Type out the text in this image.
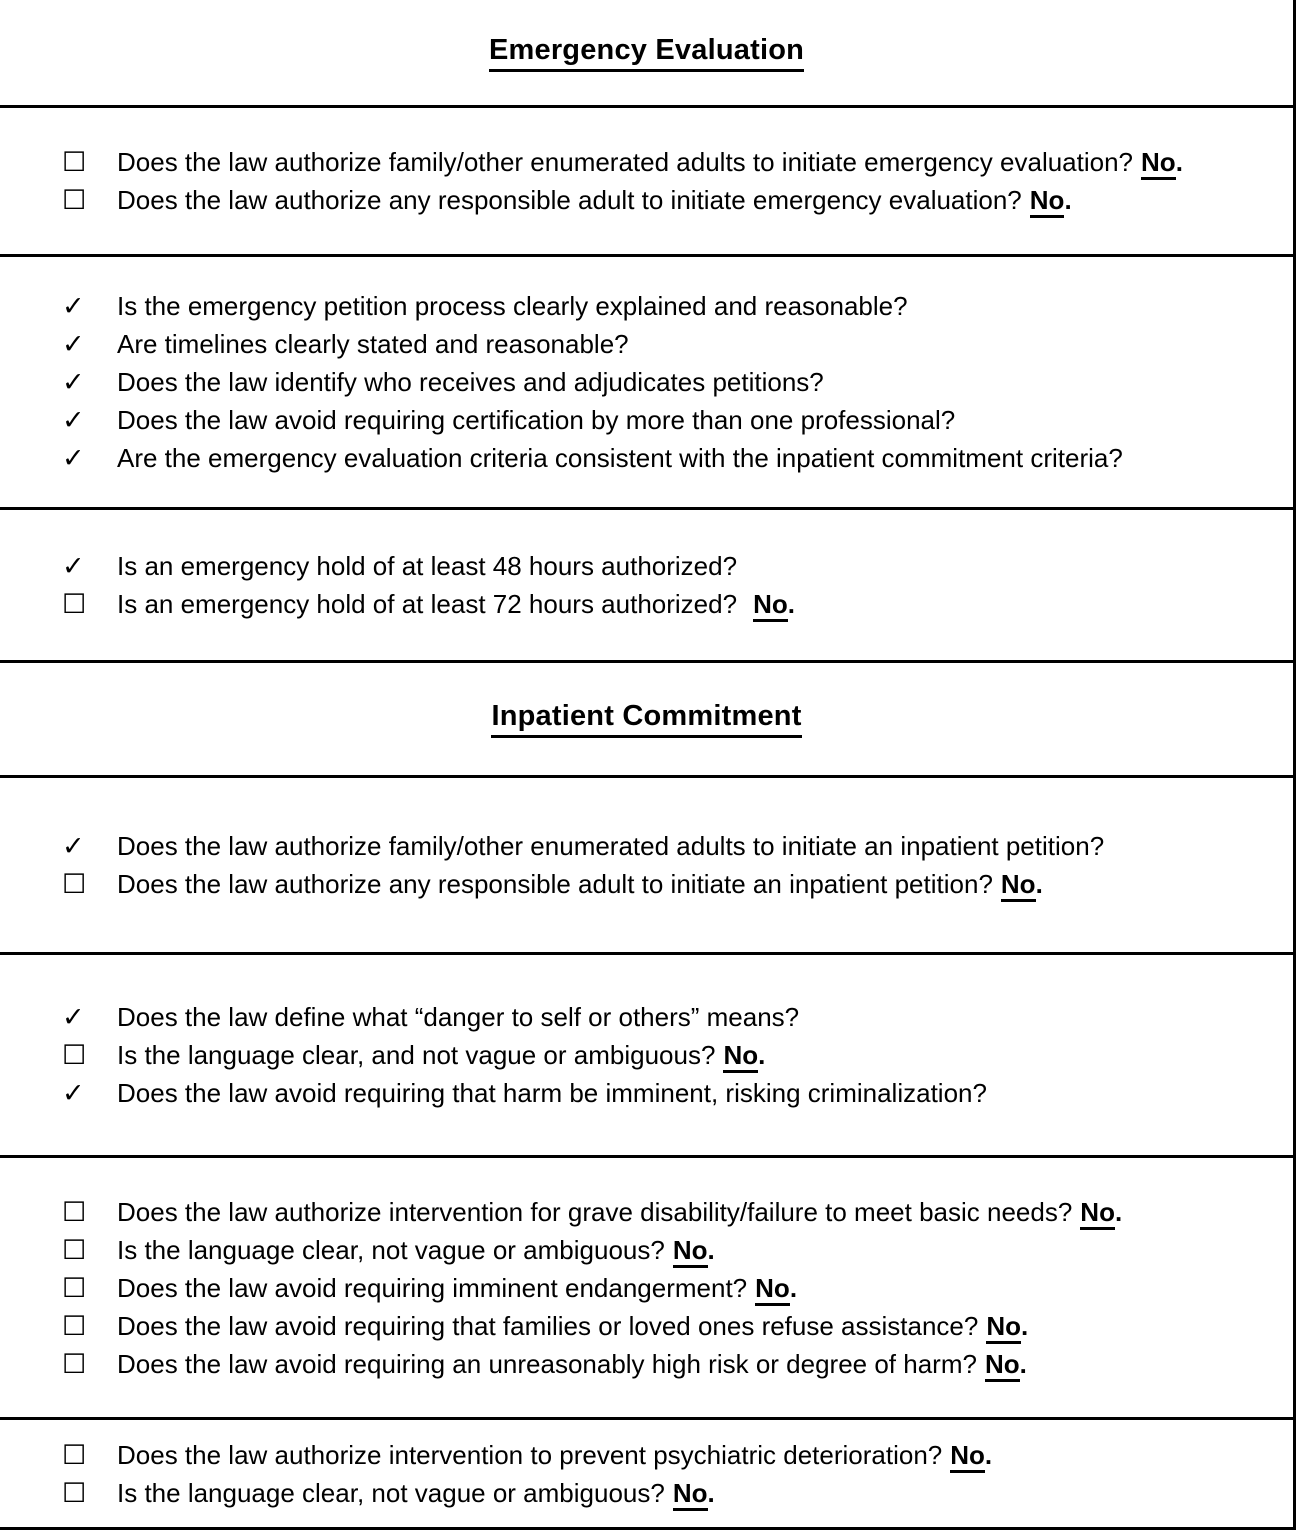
Emergency Evaluation
☐ Does the law authorize family/other enumerated adults to initiate emergency evaluation? No.
☐ Does the law authorize any responsible adult to initiate emergency evaluation? No.
✓ Is the emergency petition process clearly explained and reasonable?
✓ Are timelines clearly stated and reasonable?
✓ Does the law identify who receives and adjudicates petitions?
✓ Does the law avoid requiring certification by more than one professional?
✓ Are the emergency evaluation criteria consistent with the inpatient commitment criteria?
✓ Is an emergency hold of at least 48 hours authorized?
☐ Is an emergency hold of at least 72 hours authorized? No.
Inpatient Commitment
✓ Does the law authorize family/other enumerated adults to initiate an inpatient petition?
☐ Does the law authorize any responsible adult to initiate an inpatient petition? No.
✓ Does the law define what “danger to self or others” means?
☐ Is the language clear, and not vague or ambiguous? No.
✓ Does the law avoid requiring that harm be imminent, risking criminalization?
☐ Does the law authorize intervention for grave disability/failure to meet basic needs? No.
☐ Is the language clear, not vague or ambiguous? No.
☐ Does the law avoid requiring imminent endangerment? No.
☐ Does the law avoid requiring that families or loved ones refuse assistance? No.
☐ Does the law avoid requiring an unreasonably high risk or degree of harm? No.
☐ Does the law authorize intervention to prevent psychiatric deterioration? No.
☐ Is the language clear, not vague or ambiguous? No.
